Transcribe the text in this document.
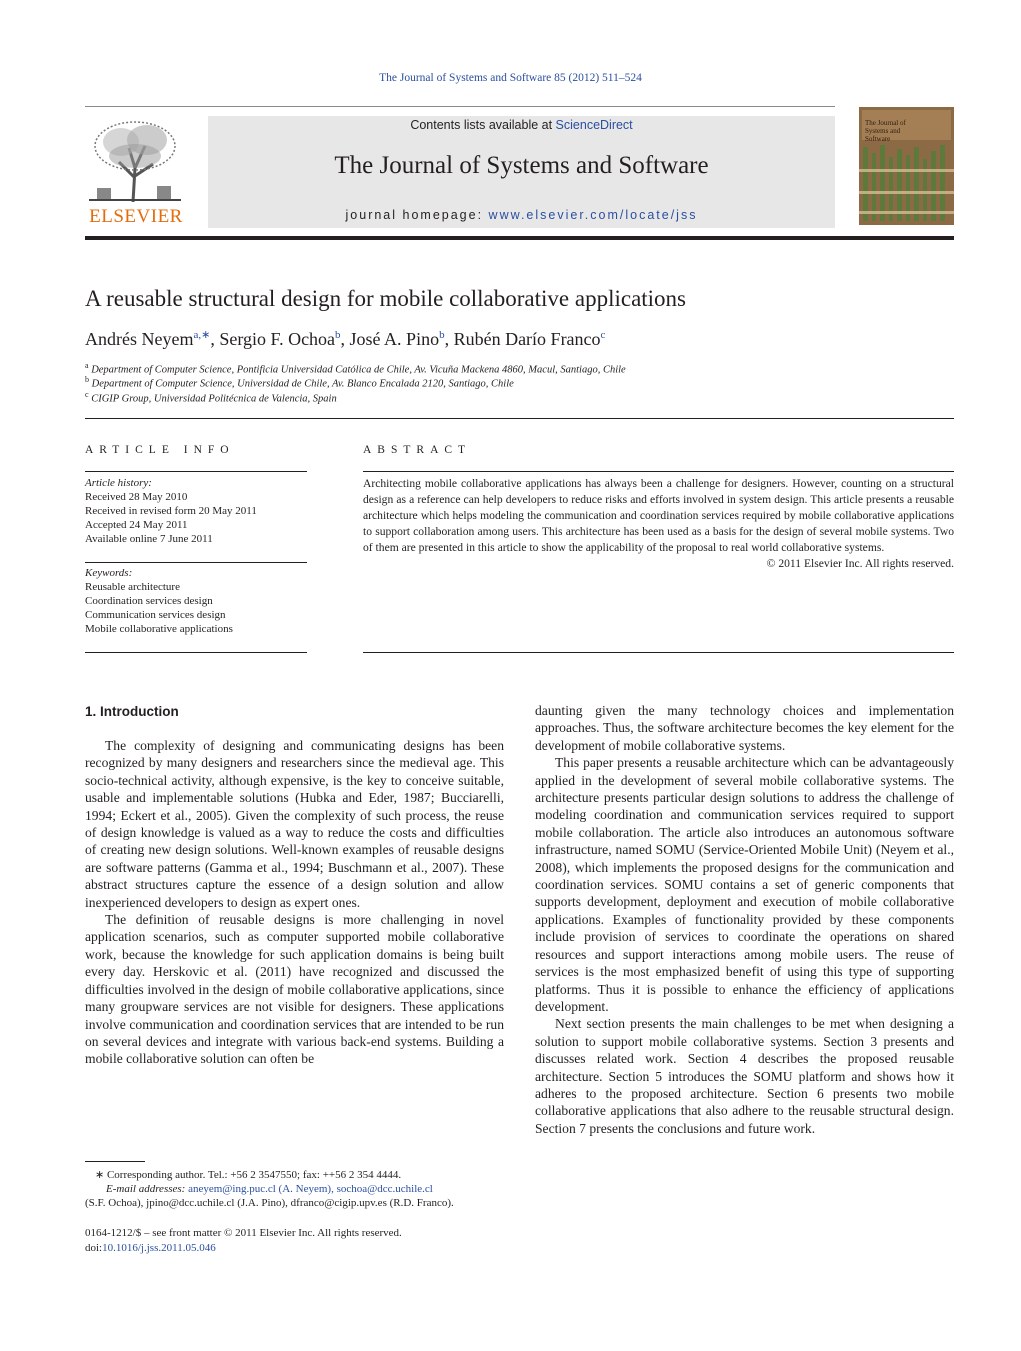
The Journal of Systems and Software 85 (2012) 511–524
ELSEVIER
Contents lists available at ScienceDirect
The Journal of Systems and Software
journal homepage: www.elsevier.com/locate/jss
The Journal of Systems and Software
A reusable structural design for mobile collaborative applications
Andrés Neyem$^{a,∗}$, Sergio F. Ochoa$^b$, José A. Pino$^b$, Rubén Darío Franco$^c$
$^a$ Department of Computer Science, Pontificia Universidad Católica de Chile, Av. Vicuña Mackena 4860, Macul, Santiago, Chile
$^b$ Department of Computer Science, Universidad de Chile, Av. Blanco Encalada 2120, Santiago, Chile
$^c$ CIGIP Group, Universidad Politécnica de Valencia, Spain
ARTICLE INFO
Article history:
Received 28 May 2010
Received in revised form 20 May 2011
Accepted 24 May 2011
Available online 7 June 2011
Keywords:
Reusable architecture
Coordination services design
Communication services design
Mobile collaborative applications
ABSTRACT
Architecting mobile collaborative applications has always been a challenge for designers. However, counting on a structural design as a reference can help developers to reduce risks and efforts involved in system design. This article presents a reusable architecture which helps modeling the communication and coordination services required by mobile collaborative applications to support collaboration among users. This architecture has been used as a basis for the design of several mobile systems. Two of them are presented in this article to show the applicability of the proposal to real world collaborative systems.
© 2011 Elsevier Inc. All rights reserved.
1. Introduction

The complexity of designing and communicating designs has been recognized by many designers and researchers since the medieval age. This socio-technical activity, although expensive, is the key to conceive suitable, usable and implementable solutions (Hubka and Eder, 1987; Bucciarelli, 1994; Eckert et al., 2005). Given the complexity of such process, the reuse of design knowledge is valued as a way to reduce the costs and difficulties of creating new design solutions. Well-known examples of reusable designs are software patterns (Gamma et al., 1994; Buschmann et al., 2007). These abstract structures capture the essence of a design solution and allow inexperienced developers to design as expert ones.

The definition of reusable designs is more challenging in novel application scenarios, such as computer supported mobile collaborative work, because the knowledge for such application domains is being built every day. Herskovic et al. (2011) have recognized and discussed the difficulties involved in the design of mobile collaborative applications, since many groupware services are not visible for designers. These applications involve communication and coordination services that are intended to be run on several devices and integrate with various back-end systems. Building a mobile collaborative solution can often be

daunting given the many technology choices and implementation approaches. Thus, the software architecture becomes the key element for the development of mobile collaborative systems.

This paper presents a reusable architecture which can be advantageously applied in the development of several mobile collaborative systems. The architecture presents particular design solutions to address the challenge of modeling coordination and communication services required to support mobile collaboration. The article also introduces an autonomous software infrastructure, named SOMU (Service-Oriented Mobile Unit) (Neyem et al., 2008), which implements the proposed designs for the communication and coordination services. SOMU contains a set of generic components that supports development, deployment and execution of mobile collaborative applications. Examples of functionality provided by these components include provision of services to coordinate the operations on shared resources and support interactions among mobile users. The reuse of services is the most emphasized benefit of using this type of supporting platforms. Thus it is possible to enhance the efficiency of applications development.

Next section presents the main challenges to be met when designing a solution to support mobile collaborative systems. Section 3 presents and discusses related work. Section 4 describes the proposed reusable architecture. Section 5 introduces the SOMU platform and shows how it adheres to the proposed architecture. Section 6 presents two mobile collaborative applications that also adhere to the reusable structural design. Section 7 presents the conclusions and future work.

∗ Corresponding author. Tel.: +56 2 3547550; fax: ++56 2 354 4444.
E-mail addresses: aneyem@ing.puc.cl (A. Neyem), sochoa@dcc.uchile.cl
(S.F. Ochoa), jpino@dcc.uchile.cl (J.A. Pino), dfranco@cigip.upv.es (R.D. Franco).
0164-1212/$ – see front matter © 2011 Elsevier Inc. All rights reserved.
doi:10.1016/j.jss.2011.05.046
